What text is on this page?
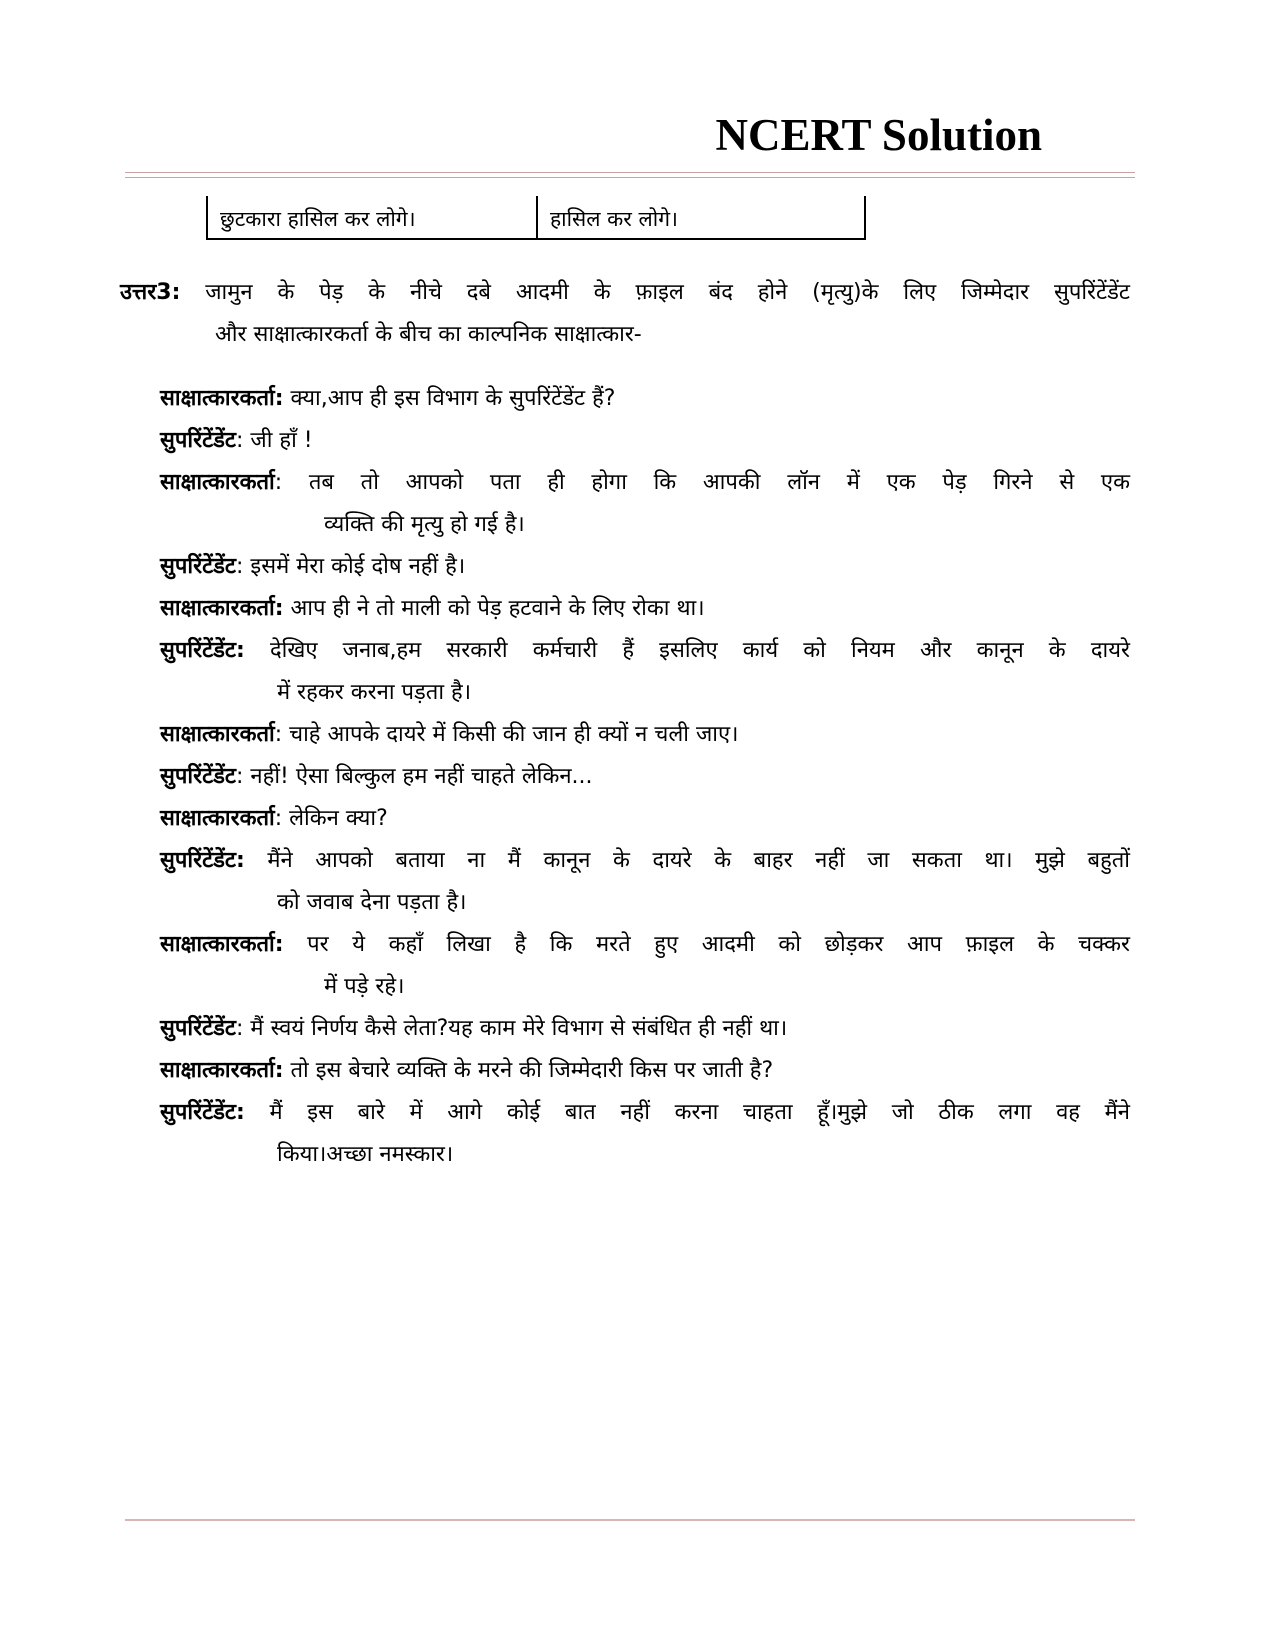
NCERT Solution
छुटकारा हासिल कर लोगे।	हासिल कर लोगे।
उत्तर3: जामुन के पेड़ के नीचे दबे आदमी के फ़ाइल बंद होने (मृत्यु)के लिए जिम्मेदार सुपरिंटेंडेंट
और साक्षात्कारकर्ता के बीच का काल्पनिक साक्षात्कार-
साक्षात्कारकर्ता: क्या,आप ही इस विभाग के सुपरिंटेंडेंट हैं?
सुपरिंटेंडेंट: जी हाँ !
साक्षात्कारकर्ता: तब तो आपको पता ही होगा कि आपकी लॉन में एक पेड़ गिरने से एक
व्यक्ति की मृत्यु हो गई है।
सुपरिंटेंडेंट: इसमें मेरा कोई दोष नहीं है।
साक्षात्कारकर्ता: आप ही ने तो माली को पेड़ हटवाने के लिए रोका था।
सुपरिंटेंडेंट: देखिए जनाब,हम सरकारी कर्मचारी हैं इसलिए कार्य को नियम और कानून के दायरे
में रहकर करना पड़ता है।
साक्षात्कारकर्ता: चाहे आपके दायरे में किसी की जान ही क्यों न चली जाए।
सुपरिंटेंडेंट: नहीं! ऐसा बिल्कुल हम नहीं चाहते लेकिन...
साक्षात्कारकर्ता: लेकिन क्या?
सुपरिंटेंडेंट: मैंने आपको बताया ना मैं कानून के दायरे के बाहर नहीं जा सकता था। मुझे बहुतों
को जवाब देना पड़ता है।
साक्षात्कारकर्ता: पर ये कहाँ लिखा है कि मरते हुए आदमी को छोड़कर आप फ़ाइल के चक्कर
में पड़े रहे।
सुपरिंटेंडेंट: मैं स्वयं निर्णय कैसे लेता?यह काम मेरे विभाग से संबंधित ही नहीं था।
साक्षात्कारकर्ता: तो इस बेचारे व्यक्ति के मरने की जिम्मेदारी किस पर जाती है?
सुपरिंटेंडेंट: मैं इस बारे में आगे कोई बात नहीं करना चाहता हूँ।मुझे जो ठीक लगा वह मैंने
किया।अच्छा नमस्कार।
